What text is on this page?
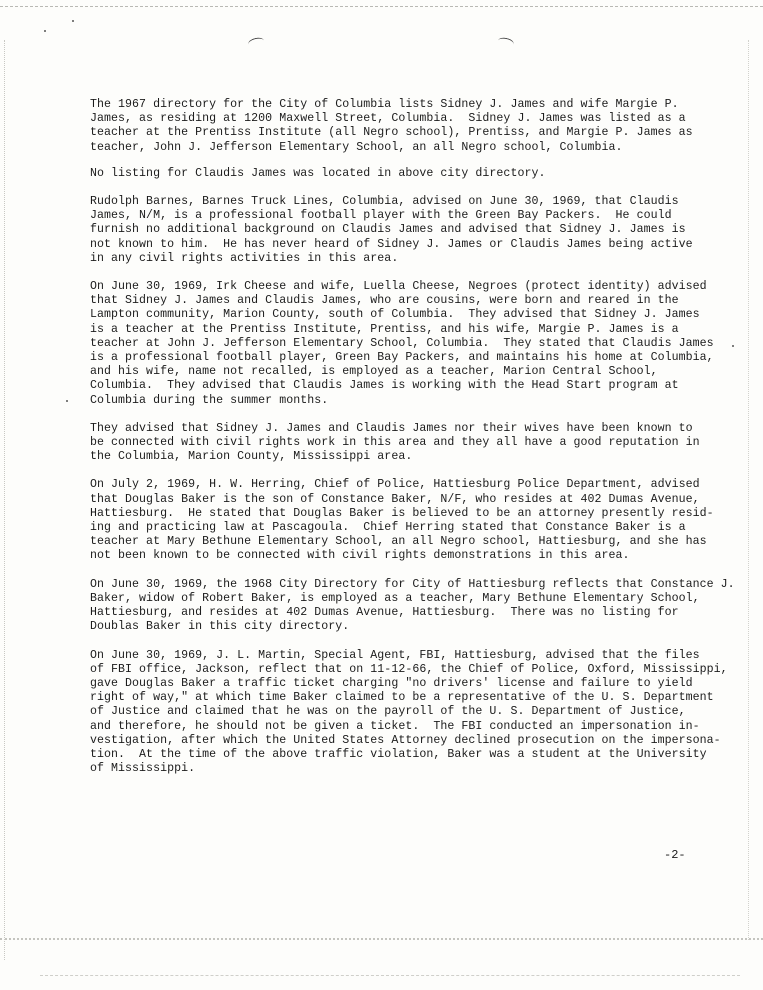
The 1967 directory for the City of Columbia lists Sidney J. James and wife Margie P.
James, as residing at 1200 Maxwell Street, Columbia.  Sidney J. James was listed as a
teacher at the Prentiss Institute (all Negro school), Prentiss, and Margie P. James as
teacher, John J. Jefferson Elementary School, an all Negro school, Columbia.

No listing for Claudis James was located in above city directory.

Rudolph Barnes, Barnes Truck Lines, Columbia, advised on June 30, 1969, that Claudis
James, N/M, is a professional football player with the Green Bay Packers.  He could
furnish no additional background on Claudis James and advised that Sidney J. James is
not known to him.  He has never heard of Sidney J. James or Claudis James being active
in any civil rights activities in this area.

On June 30, 1969, Irk Cheese and wife, Luella Cheese, Negroes (protect identity) advised
that Sidney J. James and Claudis James, who are cousins, were born and reared in the
Lampton community, Marion County, south of Columbia.  They advised that Sidney J. James
is a teacher at the Prentiss Institute, Prentiss, and his wife, Margie P. James is a
teacher at John J. Jefferson Elementary School, Columbia.  They stated that Claudis James
is a professional football player, Green Bay Packers, and maintains his home at Columbia,
and his wife, name not recalled, is employed as a teacher, Marion Central School,
Columbia.  They advised that Claudis James is working with the Head Start program at
Columbia during the summer months.

They advised that Sidney J. James and Claudis James nor their wives have been known to
be connected with civil rights work in this area and they all have a good reputation in
the Columbia, Marion County, Mississippi area.

On July 2, 1969, H. W. Herring, Chief of Police, Hattiesburg Police Department, advised
that Douglas Baker is the son of Constance Baker, N/F, who resides at 402 Dumas Avenue,
Hattiesburg.  He stated that Douglas Baker is believed to be an attorney presently resid-
ing and practicing law at Pascagoula.  Chief Herring stated that Constance Baker is a
teacher at Mary Bethune Elementary School, an all Negro school, Hattiesburg, and she has
not been known to be connected with civil rights demonstrations in this area.

On June 30, 1969, the 1968 City Directory for City of Hattiesburg reflects that Constance J.
Baker, widow of Robert Baker, is employed as a teacher, Mary Bethune Elementary School,
Hattiesburg, and resides at 402 Dumas Avenue, Hattiesburg.  There was no listing for
Doublas Baker in this city directory.

On June 30, 1969, J. L. Martin, Special Agent, FBI, Hattiesburg, advised that the files
of FBI office, Jackson, reflect that on 11-12-66, the Chief of Police, Oxford, Mississippi,
gave Douglas Baker a traffic ticket charging "no drivers' license and failure to yield
right of way," at which time Baker claimed to be a representative of the U. S. Department
of Justice and claimed that he was on the payroll of the U. S. Department of Justice,
and therefore, he should not be given a ticket.  The FBI conducted an impersonation in-
vestigation, after which the United States Attorney declined prosecution on the impersona-
tion.  At the time of the above traffic violation, Baker was a student at the University
of Mississippi.

-2-
